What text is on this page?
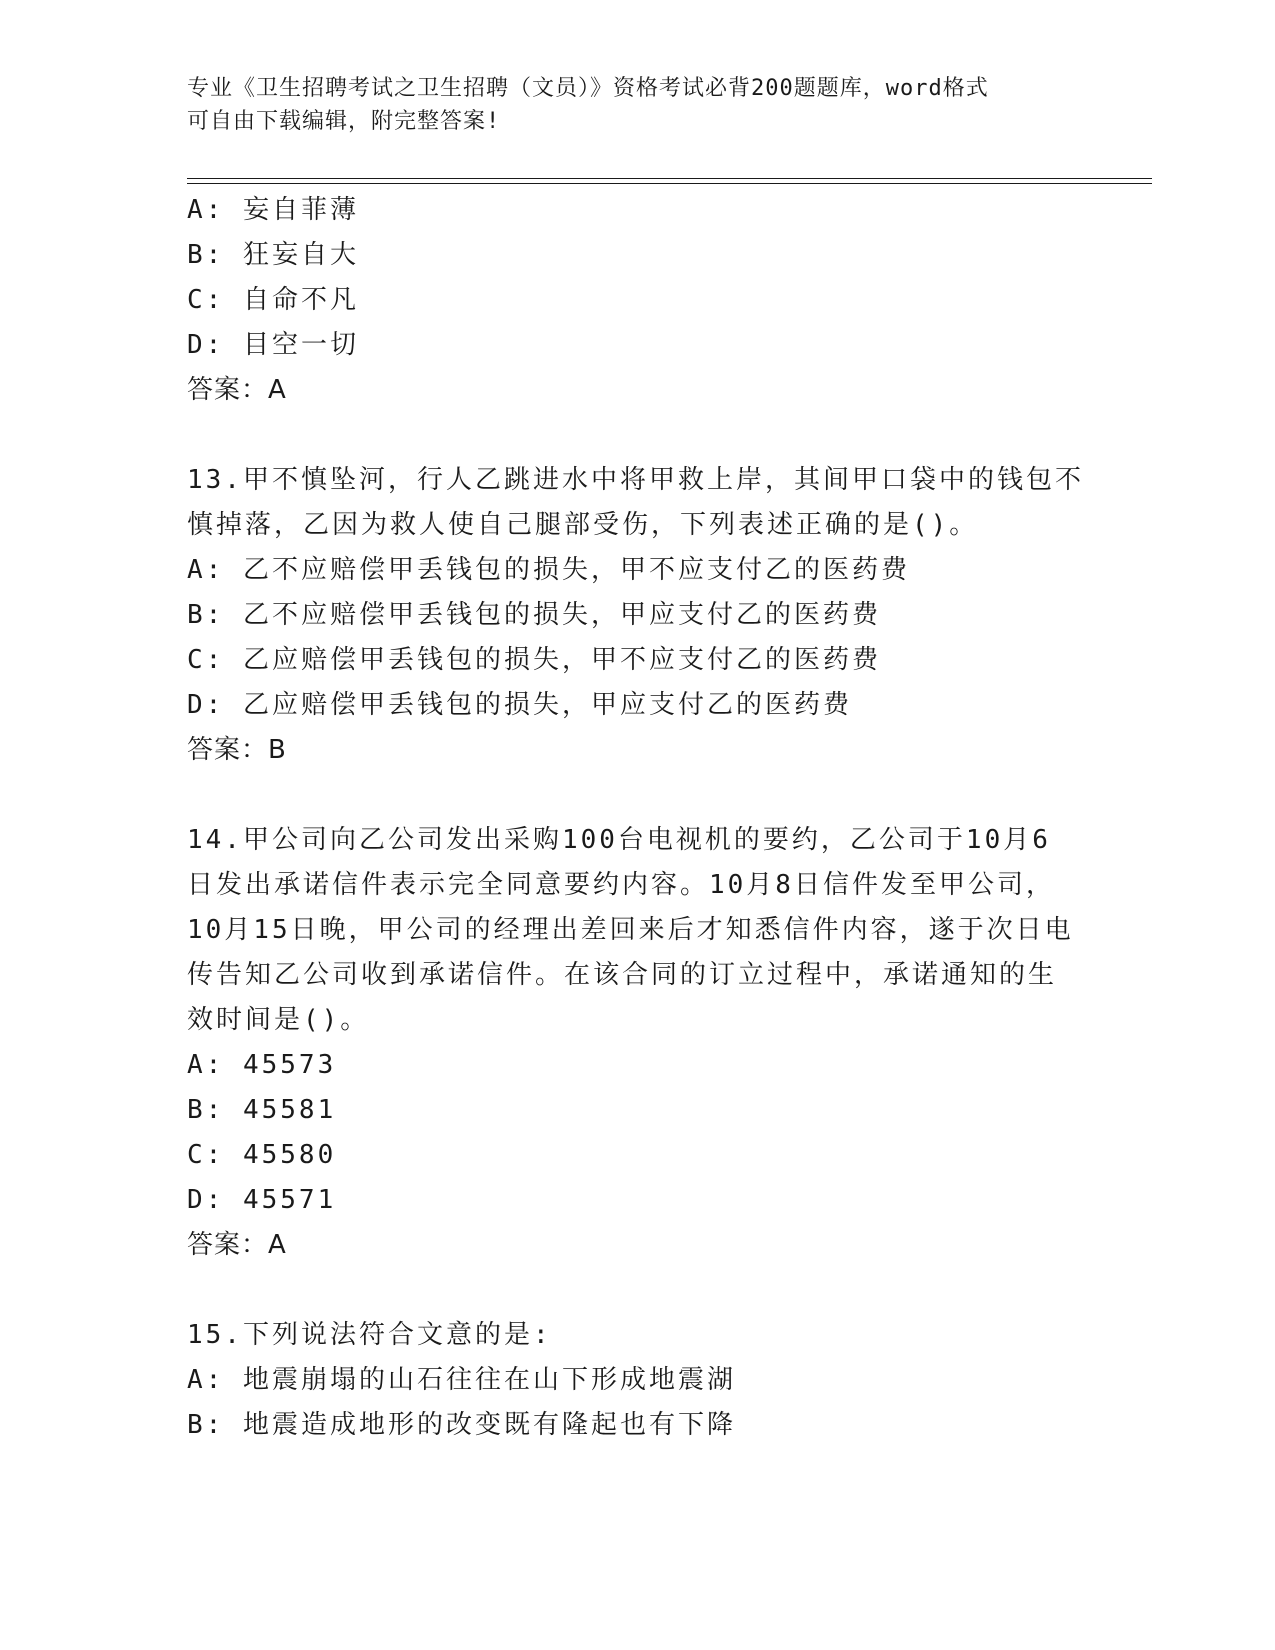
专业《卫生招聘考试之卫生招聘（文员）》资格考试必背200题题库，word格式
可自由下载编辑，附完整答案!
A: 妄自菲薄
B: 狂妄自大
C: 自命不凡
D: 目空一切
答案：A
13.甲不慎坠河，行人乙跳进水中将甲救上岸，其间甲口袋中的钱包不
慎掉落，乙因为救人使自己腿部受伤，下列表述正确的是()。
A: 乙不应赔偿甲丢钱包的损失，甲不应支付乙的医药费
B: 乙不应赔偿甲丢钱包的损失，甲应支付乙的医药费
C: 乙应赔偿甲丢钱包的损失，甲不应支付乙的医药费
D: 乙应赔偿甲丢钱包的损失，甲应支付乙的医药费
答案：B
14.甲公司向乙公司发出采购100台电视机的要约，乙公司于10月6
日发出承诺信件表示完全同意要约内容。10月8日信件发至甲公司，
10月15日晚，甲公司的经理出差回来后才知悉信件内容，遂于次日电
传告知乙公司收到承诺信件。在该合同的订立过程中，承诺通知的生
效时间是()。
A: 45573
B: 45581
C: 45580
D: 45571
答案：A
15.下列说法符合文意的是:
A: 地震崩塌的山石往往在山下形成地震湖
B: 地震造成地形的改变既有隆起也有下降
